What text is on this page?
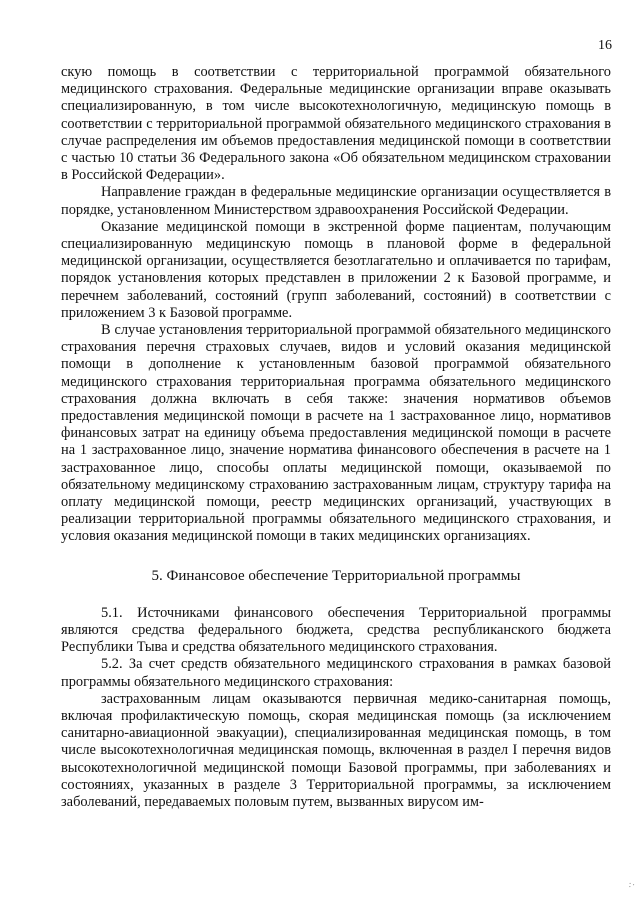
16

скую помощь в соответствии с территориальной программой обязательного медицинского страхования. Федеральные медицинские организации вправе оказывать специализированную, в том числе высокотехнологичную, медицинскую помощь в соответствии с территориальной программой обязательного медицинского страхования в случае распределения им объемов предоставления медицинской помощи в соответствии с частью 10 статьи 36 Федерального закона «Об обязательном медицинском страховании в Российской Федерации».

Направление граждан в федеральные медицинские организации осуществляется в порядке, установленном Министерством здравоохранения Российской Федерации.

Оказание медицинской помощи в экстренной форме пациентам, получающим специализированную медицинскую помощь в плановой форме в федеральной медицинской организации, осуществляется безотлагательно и оплачивается по тарифам, порядок установления которых представлен в приложении 2 к Базовой программе, и перечнем заболеваний, состояний (групп заболеваний, состояний) в соответствии с приложением 3 к Базовой программе.

В случае установления территориальной программой обязательного медицинского страхования перечня страховых случаев, видов и условий оказания медицинской помощи в дополнение к установленным базовой программой обязательного медицинского страхования территориальная программа обязательного медицинского страхования должна включать в себя также: значения нормативов объемов предоставления медицинской помощи в расчете на 1 застрахованное лицо, нормативов финансовых затрат на единицу объема предоставления медицинской помощи в расчете на 1 застрахованное лицо, значение норматива финансового обеспечения в расчете на 1 застрахованное лицо, способы оплаты медицинской помощи, оказываемой по обязательному медицинскому страхованию застрахованным лицам, структуру тарифа на оплату медицинской помощи, реестр медицинских организаций, участвующих в реализации территориальной программы обязательного медицинского страхования, и условия оказания медицинской помощи в таких медицинских организациях.

5. Финансовое обеспечение Территориальной программы

5.1. Источниками финансового обеспечения Территориальной программы являются средства федерального бюджета, средства республиканского бюджета Республики Тыва и средства обязательного медицинского страхования.

5.2. За счет средств обязательного медицинского страхования в рамках базовой программы обязательного медицинского страхования:

застрахованным лицам оказываются первичная медико-санитарная помощь, включая профилактическую помощь, скорая медицинская помощь (за исключением санитарно-авиационной эвакуации), специализированная медицинская помощь, в том числе высокотехнологичная медицинская помощь, включенная в раздел I перечня видов высокотехнологичной медицинской помощи Базовой программы, при заболеваниях и состояниях, указанных в разделе 3 Территориальной программы, за исключением заболеваний, передаваемых половым путем, вызванных вирусом им-

·:
